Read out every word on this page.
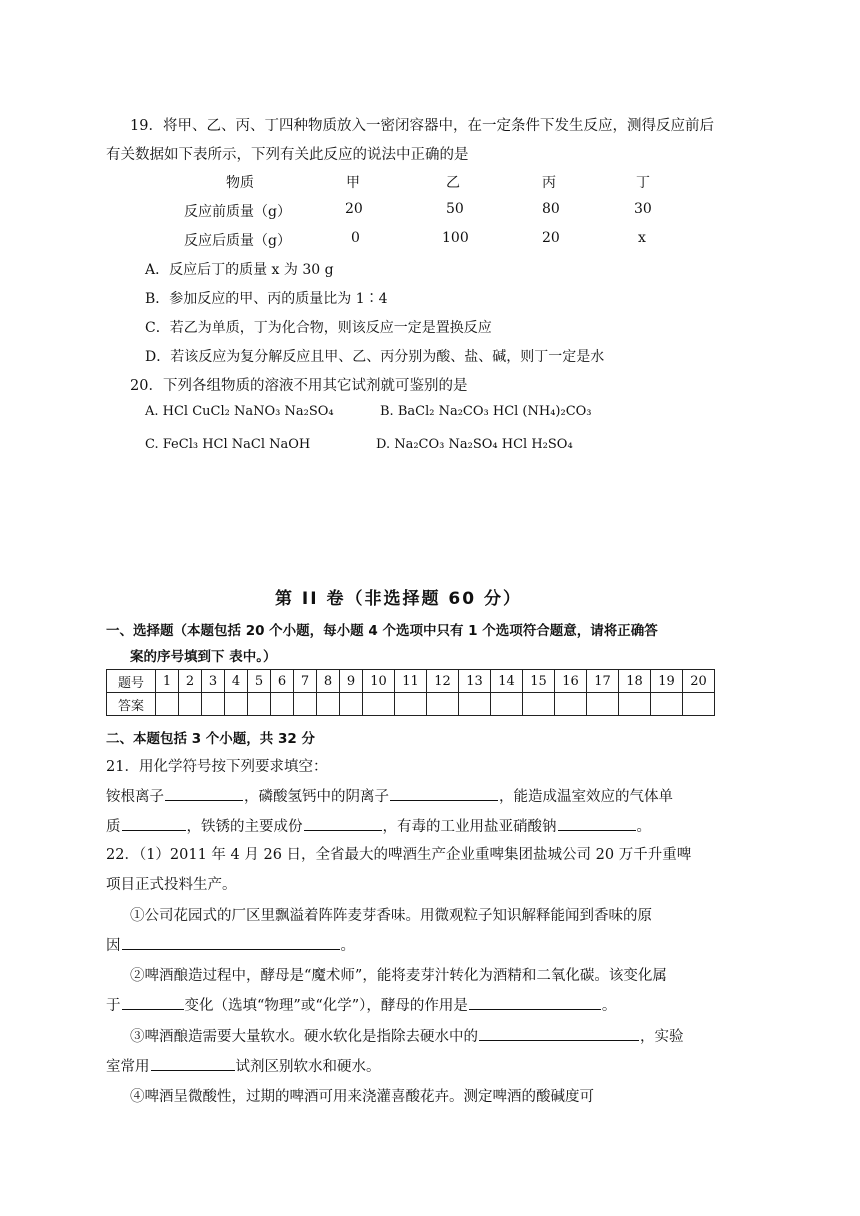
19．将甲、乙、丙、丁四种物质放入一密闭容器中，在一定条件下发生反应，测得反应前后
有关数据如下表所示，下列有关此反应的说法中正确的是
物质	甲	乙	丙	丁
反应前质量（g）	20	50	80	30
反应后质量（g）	0	100	20	x
A．反应后丁的质量 x 为 30 g
B．参加反应的甲、丙的质量比为 1∶4
C．若乙为单质，丁为化合物，则该反应一定是置换反应
D．若该反应为复分解反应且甲、乙、丙分别为酸、盐、碱，则丁一定是水
20．下列各组物质的溶液不用其它试剂就可鉴别的是
A. HCl CuCl₂ NaNO₃ Na₂SO₄	B. BaCl₂ Na₂CO₃ HCl (NH₄)₂CO₃
C. FeCl₃ HCl NaCl NaOH	D. Na₂CO₃ Na₂SO₄ HCl H₂SO₄
第 II 卷（非选择题 60 分）
一、选择题（本题包括 20 个小题，每小题 4 个选项中只有 1 个选项符合题意，请将正确答
案的序号填到下 表中。）
题号	1	2	3	4	5	6	7	8	9	10	11	12	13	14	15	16	17	18	19	20
答案																				
二、本题包括 3 个小题，共 32 分
21．用化学符号按下列要求填空：
铵根离子	，磷酸氢钙中的阴离子	，能造成温室效应的气体单
质	，铁锈的主要成份	，有毒的工业用盐亚硝酸钠	。
22．（1）2011 年 4 月 26 日，全省最大的啤酒生产企业重啤集团盐城公司 20 万千升重啤
项目正式投料生产。
①公司花园式的厂区里飘溢着阵阵麦芽香味。用微观粒子知识解释能闻到香味的原
因	。
②啤酒酿造过程中，酵母是“魔术师”，能将麦芽汁转化为酒精和二氧化碳。该变化属
于	变化（选填“物理”或“化学”），酵母的作用是	。
③啤酒酿造需要大量软水。硬水软化是指除去硬水中的	，实验
室常用	试剂区别软水和硬水。
④啤酒呈微酸性，过期的啤酒可用来浇灌喜酸花卉。测定啤酒的酸碱度可
